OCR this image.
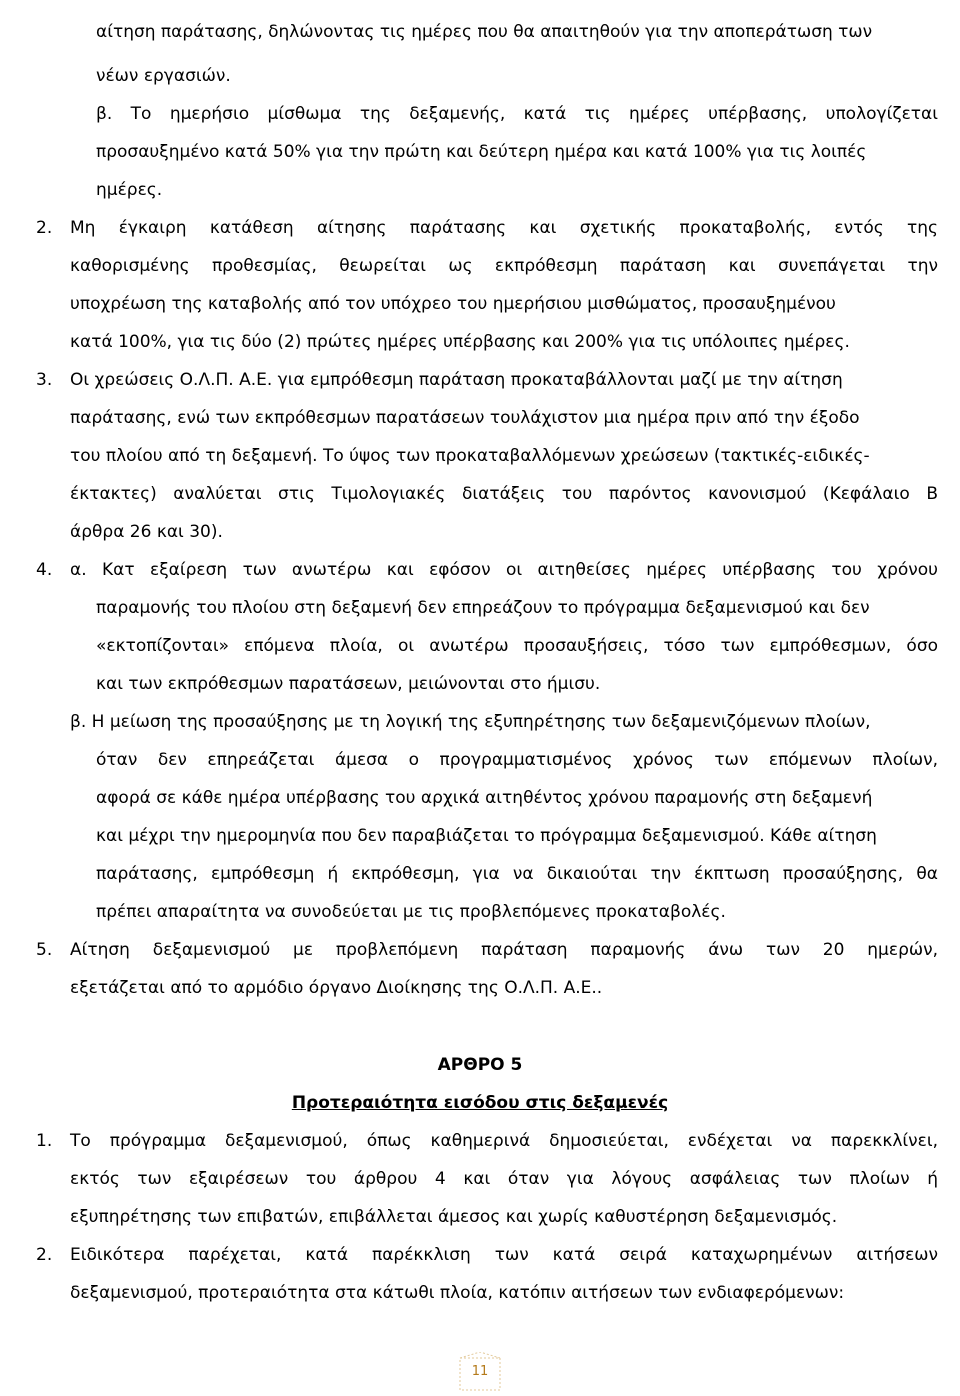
αίτηση παράτασης, δηλώνοντας τις ημέρες που θα απαιτηθούν για την αποπεράτωση των
νέων εργασιών.
β. Το ημερήσιο μίσθωμα της δεξαμενής, κατά τις ημέρες υπέρβασης, υπολογίζεται
προσαυξημένο κατά 50% για την πρώτη και δεύτερη ημέρα και κατά 100% για τις λοιπές
ημέρες.
2. Μη έγκαιρη κατάθεση αίτησης παράτασης και σχετικής προκαταβολής, εντός της
καθορισμένης προθεσμίας, θεωρείται ως εκπρόθεσμη παράταση και συνεπάγεται την
υποχρέωση της καταβολής από τον υπόχρεο του ημερήσιου μισθώματος, προσαυξημένου
κατά 100%, για τις δύο (2) πρώτες ημέρες υπέρβασης και 200% για τις υπόλοιπες ημέρες.
3. Οι χρεώσεις Ο.Λ.Π. Α.Ε. για εμπρόθεσμη παράταση προκαταβάλλονται μαζί με την αίτηση
παράτασης, ενώ των εκπρόθεσμων παρατάσεων τουλάχιστον μια ημέρα πριν από την έξοδο
του πλοίου από τη δεξαμενή. Το ύψος των προκαταβαλλόμενων χρεώσεων (τακτικές-ειδικές-
έκτακτες) αναλύεται στις Τιμολογιακές διατάξεις του παρόντος κανονισμού (Κεφάλαιο Β
άρθρα 26 και 30).
4. α. Κατ εξαίρεση των ανωτέρω και εφόσον οι αιτηθείσες ημέρες υπέρβασης του χρόνου
παραμονής του πλοίου στη δεξαμενή δεν επηρεάζουν το πρόγραμμα δεξαμενισμού και δεν
«εκτοπίζονται» επόμενα πλοία, οι ανωτέρω προσαυξήσεις, τόσο των εμπρόθεσμων, όσο
και των εκπρόθεσμων παρατάσεων, μειώνονται στο ήμισυ.
β. Η μείωση της προσαύξησης με τη λογική της εξυπηρέτησης των δεξαμενιζόμενων πλοίων,
όταν δεν επηρεάζεται άμεσα ο προγραμματισμένος χρόνος των επόμενων πλοίων,
αφορά σε κάθε ημέρα υπέρβασης του αρχικά αιτηθέντος χρόνου παραμονής στη δεξαμενή
και μέχρι την ημερομηνία που δεν παραβιάζεται το πρόγραμμα δεξαμενισμού. Κάθε αίτηση
παράτασης, εμπρόθεσμη ή εκπρόθεσμη, για να δικαιούται την έκπτωση προσαύξησης, θα
πρέπει απαραίτητα να συνοδεύεται με τις προβλεπόμενες προκαταβολές.
5. Αίτηση δεξαμενισμού με προβλεπόμενη παράταση παραμονής άνω των 20 ημερών,
εξετάζεται από το αρμόδιο όργανο Διοίκησης της Ο.Λ.Π. Α.Ε..
ΑΡΘΡΟ 5
Προτεραιότητα εισόδου στις δεξαμενές
1. Το πρόγραμμα δεξαμενισμού, όπως καθημερινά δημοσιεύεται, ενδέχεται να παρεκκλίνει,
εκτός των εξαιρέσεων του άρθρου 4 και όταν για λόγους ασφάλειας των πλοίων ή
εξυπηρέτησης των επιβατών, επιβάλλεται άμεσος και χωρίς καθυστέρηση δεξαμενισμός.
2. Ειδικότερα παρέχεται, κατά παρέκκλιση των κατά σειρά καταχωρημένων αιτήσεων
δεξαμενισμού, προτεραιότητα στα κάτωθι πλοία, κατόπιν αιτήσεων των ενδιαφερόμενων:
11
